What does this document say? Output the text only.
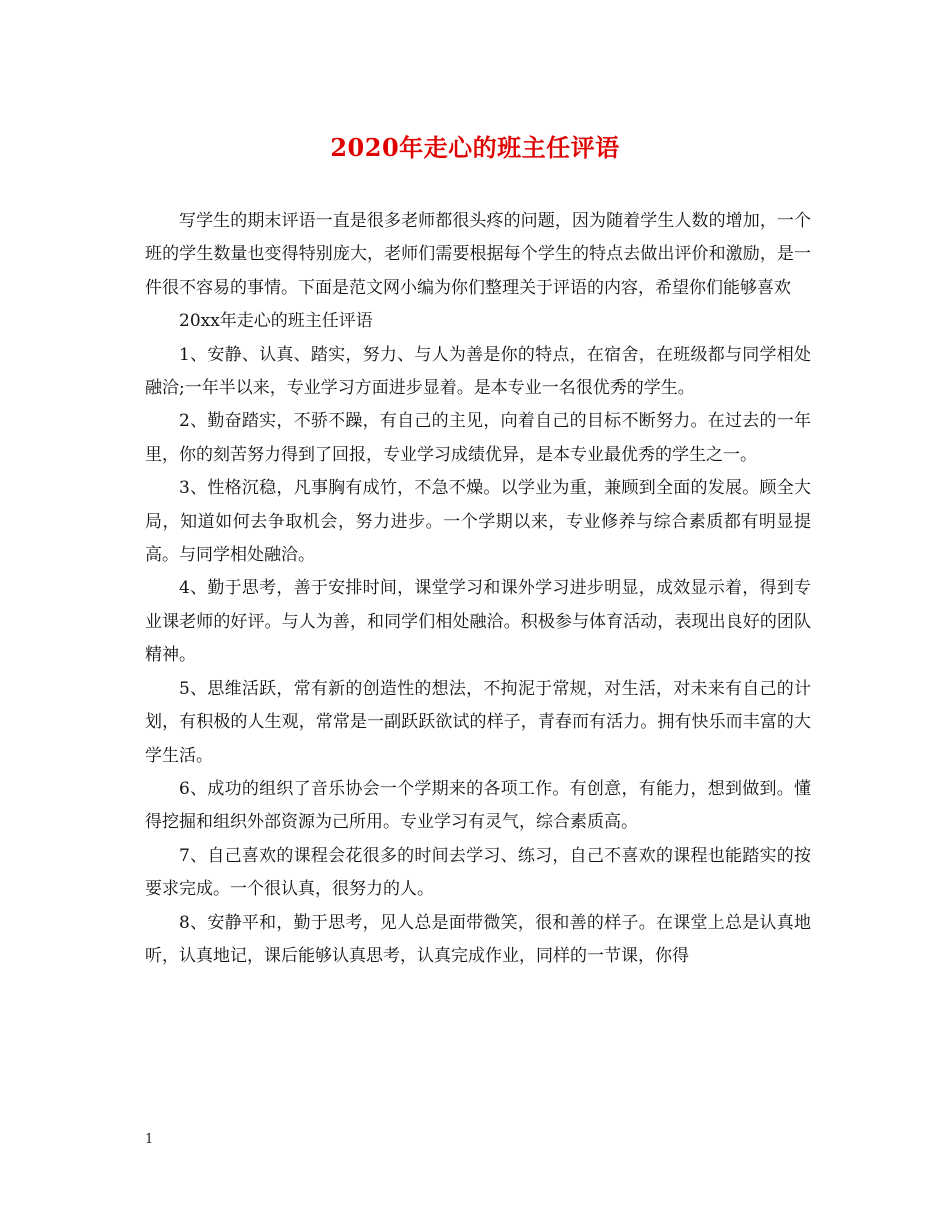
2020年走心的班主任评语

写学生的期末评语一直是很多老师都很头疼的问题，因为随着学生人数的增加，一个班的学生数量也变得特别庞大，老师们需要根据每个学生的特点去做出评价和激励，是一件很不容易的事情。下面是范文网小编为你们整理关于评语的内容，希望你们能够喜欢

20xx年走心的班主任评语

1、安静、认真、踏实，努力、与人为善是你的特点，在宿舍，在班级都与同学相处融洽;一年半以来，专业学习方面进步显着。是本专业一名很优秀的学生。

2、勤奋踏实，不骄不躁，有自己的主见，向着自己的目标不断努力。在过去的一年里，你的刻苦努力得到了回报，专业学习成绩优异，是本专业最优秀的学生之一。

3、性格沉稳，凡事胸有成竹，不急不燥。以学业为重，兼顾到全面的发展。顾全大局，知道如何去争取机会，努力进步。一个学期以来，专业修养与综合素质都有明显提高。与同学相处融洽。

4、勤于思考，善于安排时间，课堂学习和课外学习进步明显，成效显示着，得到专业课老师的好评。与人为善，和同学们相处融洽。积极参与体育活动，表现出良好的团队精神。

5、思维活跃，常有新的创造性的想法，不拘泥于常规，对生活，对未来有自己的计划，有积极的人生观，常常是一副跃跃欲试的样子，青春而有活力。拥有快乐而丰富的大学生活。

6、成功的组织了音乐协会一个学期来的各项工作。有创意，有能力，想到做到。懂得挖掘和组织外部资源为己所用。专业学习有灵气，综合素质高。

7、自己喜欢的课程会花很多的时间去学习、练习，自己不喜欢的课程也能踏实的按要求完成。一个很认真，很努力的人。

8、安静平和，勤于思考，见人总是面带微笑，很和善的样子。在课堂上总是认真地听，认真地记，课后能够认真思考，认真完成作业，同样的一节课，你得

1
